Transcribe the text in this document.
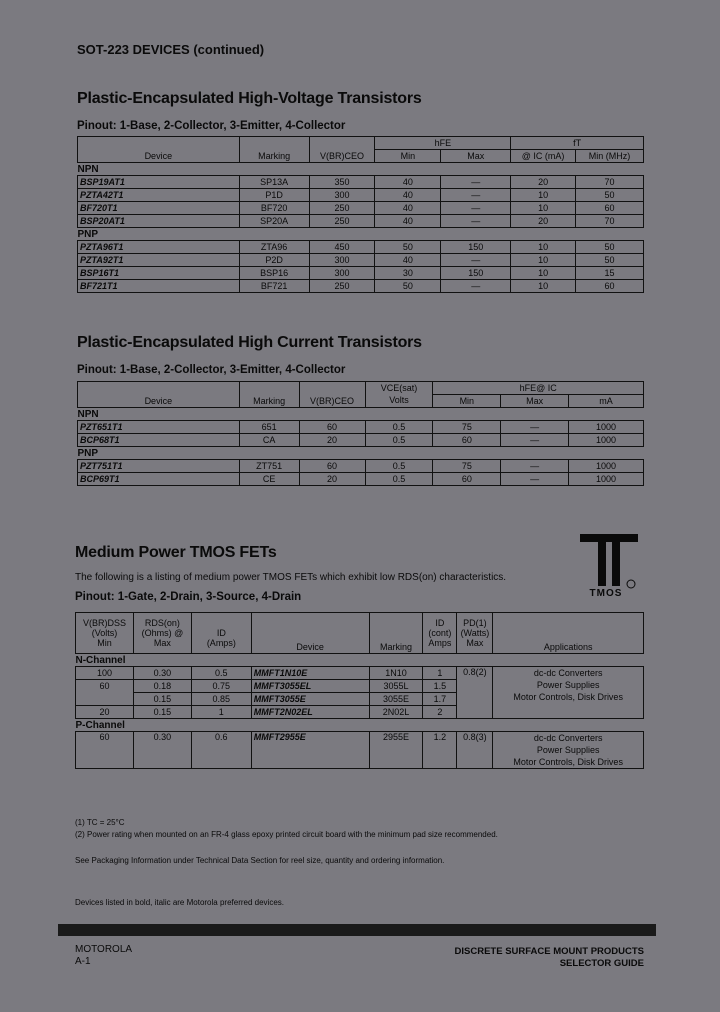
SOT-223 DEVICES (continued)
Plastic-Encapsulated High-Voltage Transistors
Pinout: 1-Base, 2-Collector, 3-Emitter, 4-Collector
Device	Marking	V(BR)CEO	hFE		fT	
			Min	Max	@ IC (mA)	Min (MHz)
NPN						
BSP19AT1	SP13A	350	40	—	20	70
PZTA42T1	P1D	300	40	—	10	50
BF720T1	BF720	250	40	—	10	60
BSP20AT1	SP20A	250	40	—	20	70
PNP						
PZTA96T1	ZTA96	450	50	150	10	50
PZTA92T1	P2D	300	40	—	10	50
BSP16T1	BSP16	300	30	150	10	15
BF721T1	BF721	250	50	—	10	60
Plastic-Encapsulated High Current Transistors
Pinout: 1-Base, 2-Collector, 3-Emitter, 4-Collector
Device	Marking	V(BR)CEO	VCE(sat)	hFE@ IC		
			Volts	Min	Max	mA
NPN						
PZT651T1	651	60	0.5	75	—	1000
BCP68T1	CA	20	0.5	60	—	1000
PNP						
PZT751T1	ZT751	60	0.5	75	—	1000
BCP69T1	CE	20	0.5	60	—	1000
Medium Power TMOS FETs
The following is a listing of medium power TMOS FETs which exhibit low RDS(on) characteristics.
Pinout: 1-Gate, 2-Drain, 3-Source, 4-Drain	TMOS
V(BR)DSS
(Volts)
Min	RDS(on)
(Ohms) @
Max	ID
(Amps)	Device	Marking	ID
(cont)
Amps	PD(1)
(Watts)
Max	Applications
N-Channel							
100	0.30	0.5	MMFT1N10E	1N10	1	0.8(2)	dc-dc Converters
Power Supplies
Motor Controls, Disk Drives
60	0.18	0.75	MMFT3055EL	3055L	1.5		
	0.15	0.85	MMFT3055E	3055E	1.7		
20	0.15	1	MMFT2N02EL	2N02L	2		
P-Channel							
60	0.30	0.6	MMFT2955E	2955E	1.2	0.8(3)	dc-dc Converters
Power Supplies
Motor Controls, Disk Drives
(1) TC = 25°C
(2) Power rating when mounted on an FR-4 glass epoxy printed circuit board with the minimum pad size recommended.
See Packaging Information under Technical Data Section for reel size, quantity and ordering information.
Devices listed in bold, italic are Motorola preferred devices.
MOTOROLA
A-1
DISCRETE SURFACE MOUNT PRODUCTS
SELECTOR GUIDE
